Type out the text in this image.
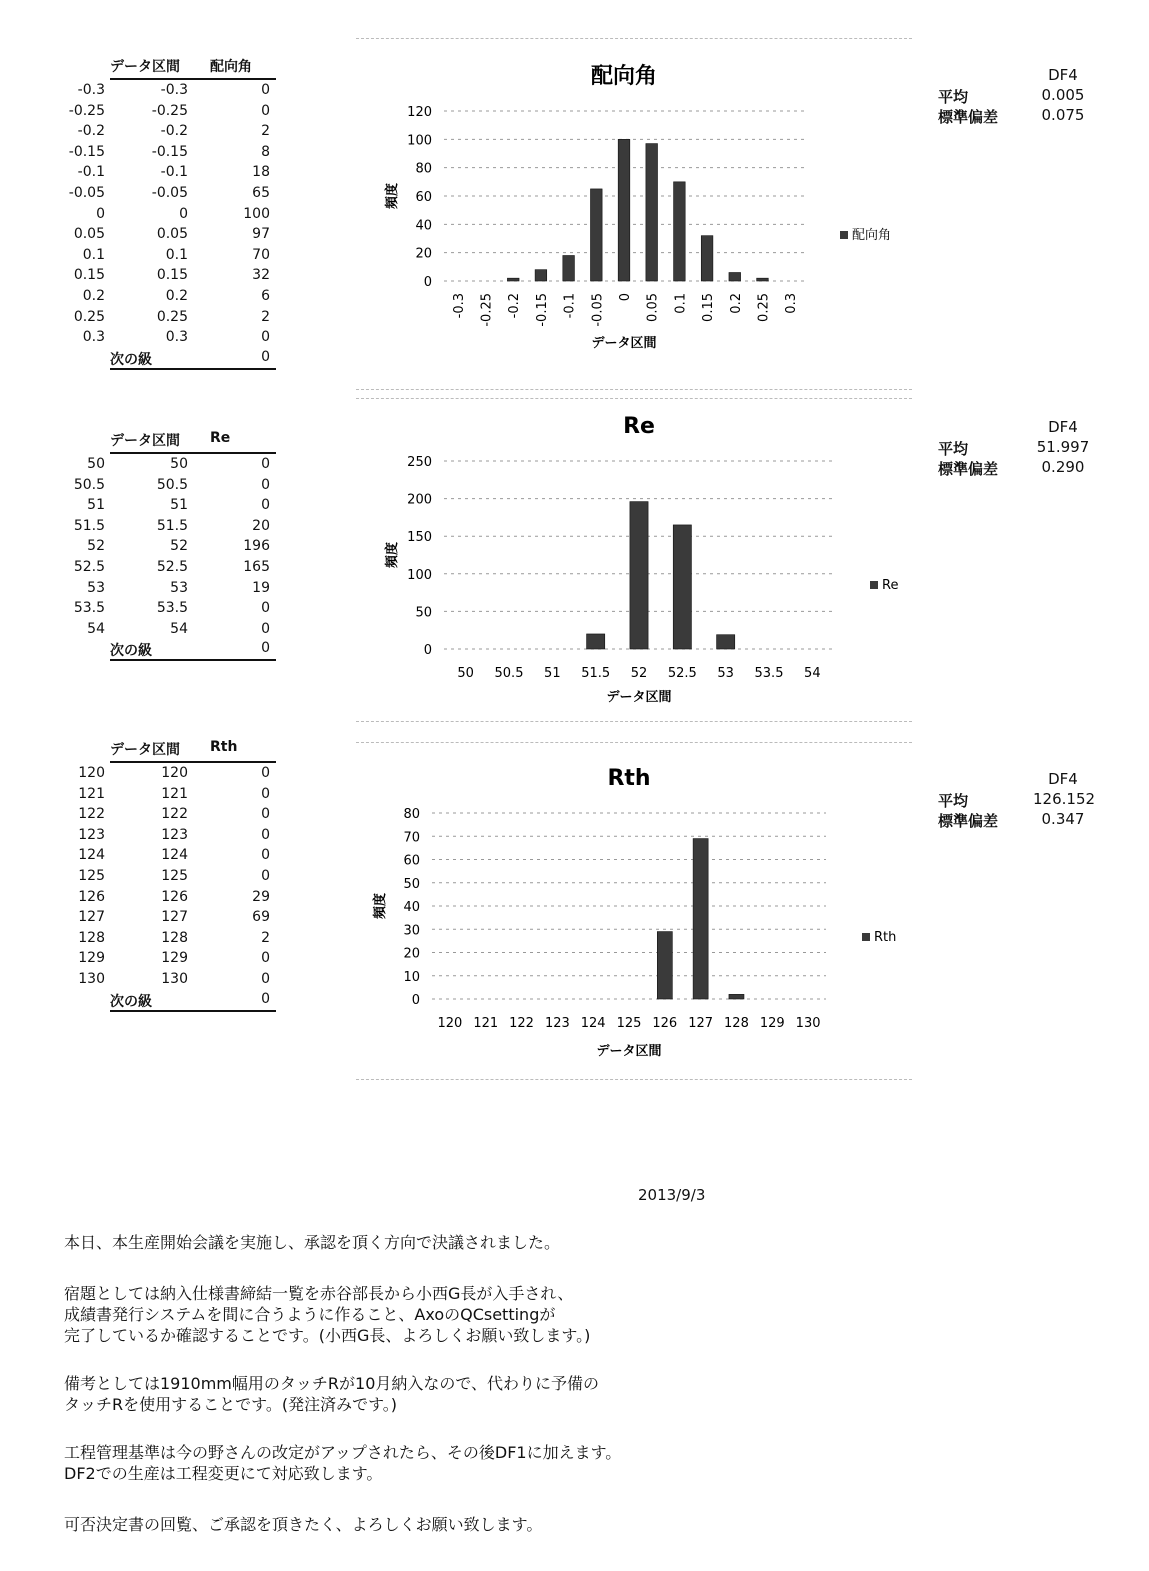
データ区間 配向角
-0.3	-0.3	0
-0.25	-0.25	0
-0.2	-0.2	2
-0.15	-0.15	8
-0.1	-0.1	18
-0.05	-0.05	65
0	0	100
0.05	0.05	97
0.1	0.1	70
0.15	0.15	32
0.2	0.2	6
0.25	0.25	2
0.3	0.3	0
次の級	0
データ区間 Re
50	50	0
50.5	50.5	0
51	51	0
51.5	51.5	20
52	52	196
52.5	52.5	165
53	53	19
53.5	53.5	0
54	54	0
次の級	0
データ区間 Rth
120	120	0
121	121	0
122	122	0
123	123	0
124	124	0
125	125	0
126	126	29
127	127	69
128	128	2
129	129	0
130	130	0
次の級	0
配向角
0
20
40
60
80
100
120
頻度
-0.3 -0.25 -0.2 -0.15 -0.1 -0.05 0 0.05 0.1 0.15 0.2 0.25 0.3
データ区間
配向角
Re
0
50
100
150
200
250
頻度
50 50.5 51 51.5 52 52.5 53 53.5 54
データ区間
Re
Rth
0
10
20
30
40
50
60
70
80
頻度
120 121 122 123 124 125 126 127 128 129 130
データ区間
Rth
DF4
平均	0.005
標準偏差	0.075
DF4
平均	51.997
標準偏差	0.290
DF4
平均	126.152
標準偏差	0.347
2013/9/3
本日、本生産開始会議を実施し、承認を頂く方向で決議されました。
宿題としては納入仕様書締結一覧を赤谷部長から小西G長が入手され、
成績書発行システムを間に合うように作ること、AxoのQCsettingが
完了しているか確認することです。(小西G長、よろしくお願い致します。)
備考としては1910mm幅用のタッチRが10月納入なので、代わりに予備の
タッチRを使用することです。(発注済みです。)
工程管理基準は今の野さんの改定がアップされたら、その後DF1に加えます。
DF2での生産は工程変更にて対応致します。
可否決定書の回覧、ご承認を頂きたく、よろしくお願い致します。
